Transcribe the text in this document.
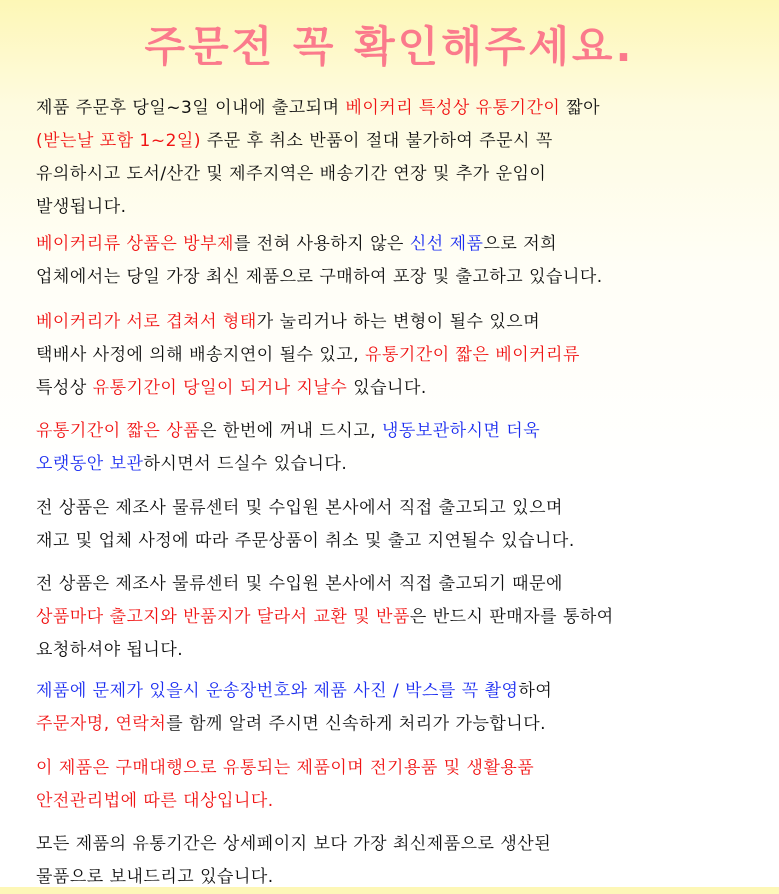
주문전 꼭 확인해주세요.
제품 주문후 당일~3일 이내에 출고되며 베이커리 특성상 유통기간이 짧아
(받는날 포함 1~2일) 주문 후 취소 반품이 절대 불가하여 주문시 꼭
유의하시고 도서/산간 및 제주지역은 배송기간 연장 및 추가 운임이
발생됩니다.
베이커리류 상품은 방부제를 전혀 사용하지 않은 신선 제품으로 저희
업체에서는 당일 가장 최신 제품으로 구매하여 포장 및 출고하고 있습니다.
베이커리가 서로 겹쳐서 형태가 눌리거나 하는 변형이 될수 있으며
택배사 사정에 의해 배송지연이 될수 있고, 유통기간이 짧은 베이커리류
특성상 유통기간이 당일이 되거나 지날수 있습니다.
유통기간이 짧은 상품은 한번에 꺼내 드시고, 냉동보관하시면 더욱
오랫동안 보관하시면서 드실수 있습니다.
전 상품은 제조사 물류센터 및 수입원 본사에서 직접 출고되고 있으며
재고 및 업체 사정에 따라 주문상품이 취소 및 출고 지연될수 있습니다.
전 상품은 제조사 물류센터 및 수입원 본사에서 직접 출고되기 때문에
상품마다 출고지와 반품지가 달라서 교환 및 반품은 반드시 판매자를 통하여
요청하셔야 됩니다.
제품에 문제가 있을시 운송장번호와 제품 사진 / 박스를 꼭 촬영하여
주문자명, 연락처를 함께 알려 주시면 신속하게 처리가 가능합니다.
이 제품은 구매대행으로 유통되는 제품이며 전기용품 및 생활용품
안전관리법에 따른 대상입니다.
모든 제품의 유통기간은 상세페이지 보다 가장 최신제품으로 생산된
물품으로 보내드리고 있습니다.
